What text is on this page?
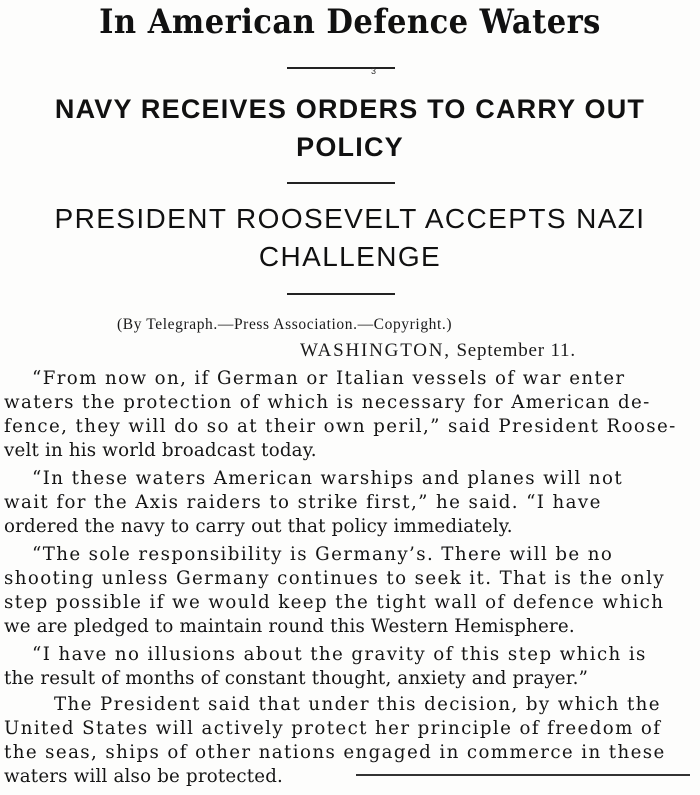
In American Defence Waters
3
NAVY RECEIVES ORDERS TO CARRY OUT
POLICY
PRESIDENT ROOSEVELT ACCEPTS NAZI
CHALLENGE
(By Telegraph.—Press Association.—Copyright.)
WASHINGTON, September 11.
“From now on, if German or Italian vessels of war enter
waters the protection of which is necessary for American de-
fence, they will do so at their own peril,” said President Roose-
velt in his world broadcast today.
“In these waters American warships and planes will not
wait for the Axis raiders to strike first,” he said. “I have
ordered the navy to carry out that policy immediately.
“The sole responsibility is Germany’s. There will be no
shooting unless Germany continues to seek it. That is the only
step possible if we would keep the tight wall of defence which
we are pledged to maintain round this Western Hemisphere.
“I have no illusions about the gravity of this step which is
the result of months of constant thought, anxiety and prayer.”
The President said that under this decision, by which the
United States will actively protect her principle of freedom of
the seas, ships of other nations engaged in commerce in these
waters will also be protected.
